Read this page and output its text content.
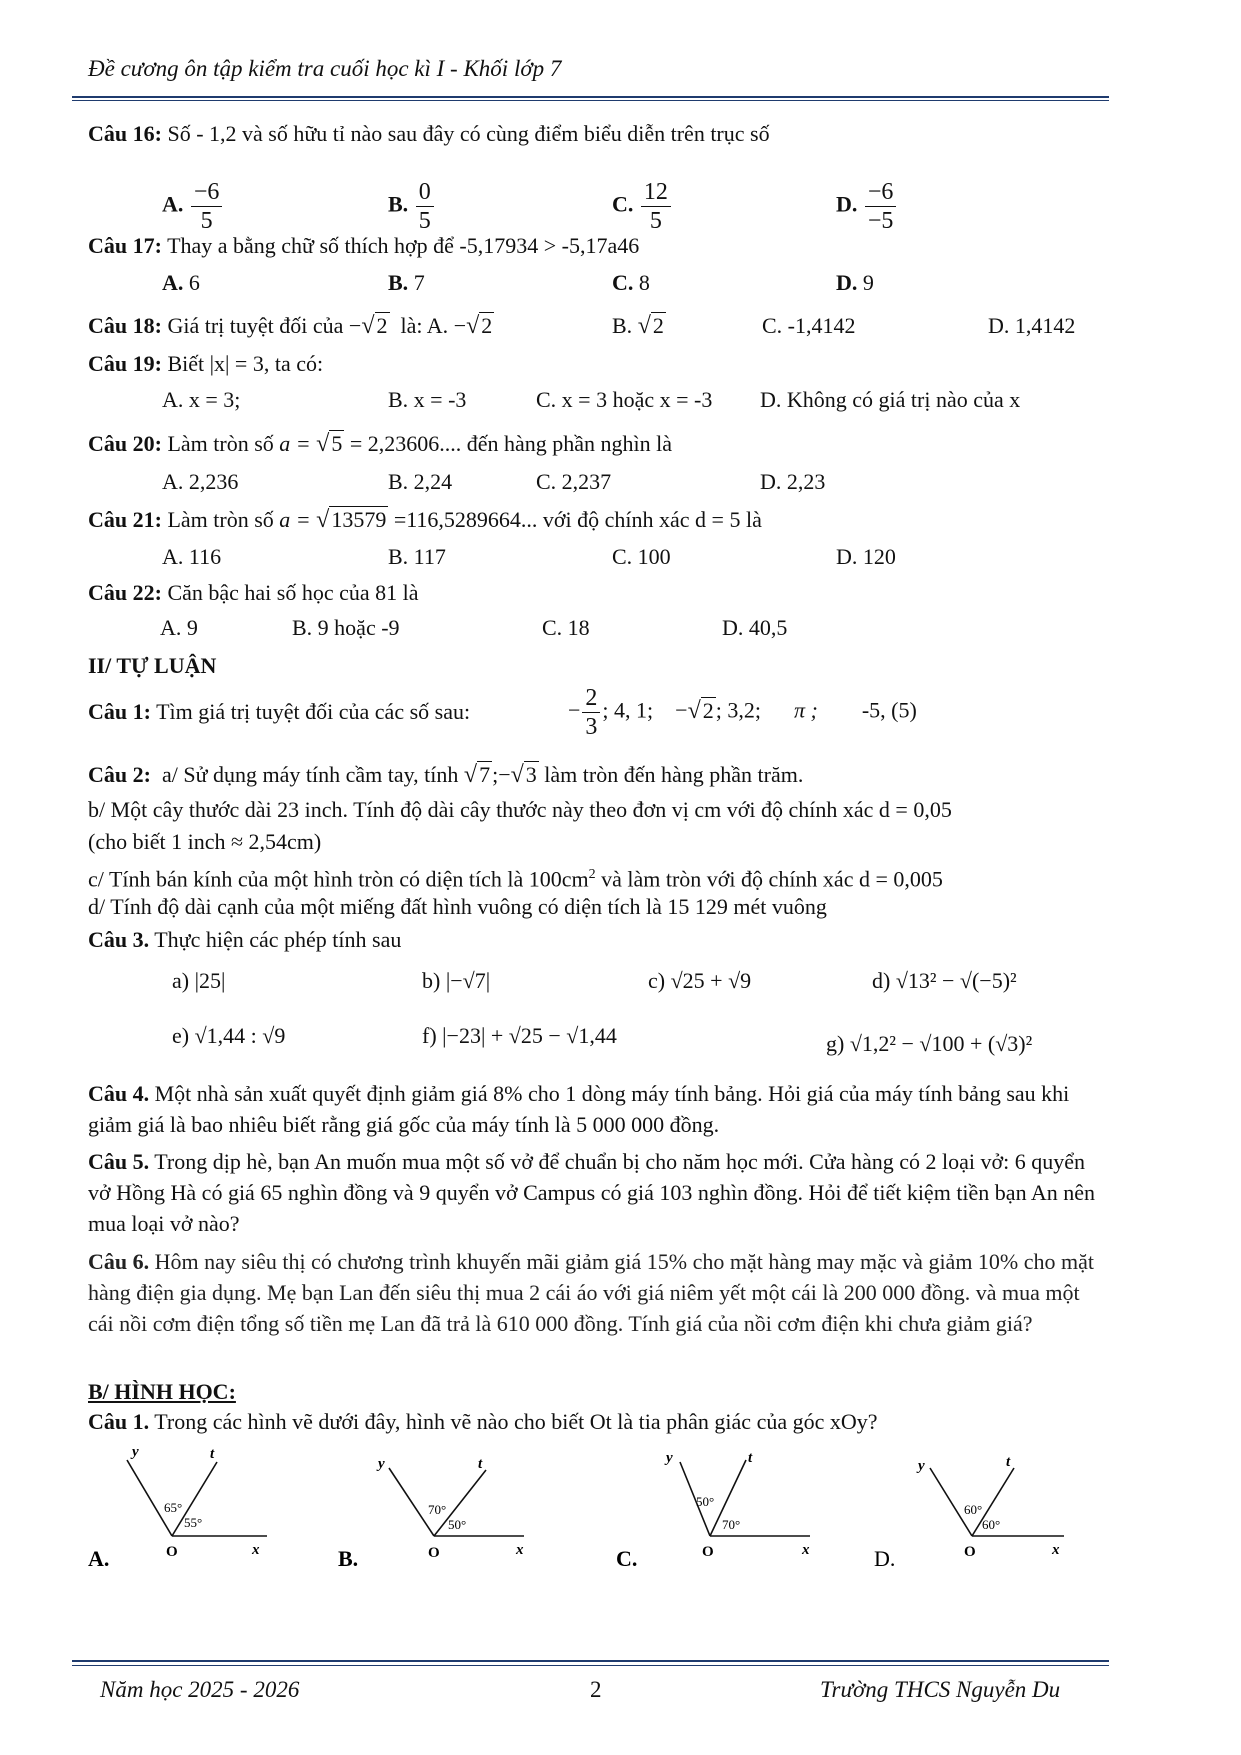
Đề cương ôn tập kiểm tra cuối học kì I - Khối lớp 7
Câu 16: Số - 1,2 và số hữu tỉ nào sau đây có cùng điểm biểu diễn trên trục số
A. $\frac{-6}{5}$	B. $\frac{0}{5}$	C. $\frac{12}{5}$	D. $\frac{-6}{-5}$
Câu 17: Thay a bằng chữ số thích hợp để -5,17934 > -5,17a46
A. 6	B. 7	C. 8	D. 9
Câu 18: Giá trị tuyệt đối của −√2 là: A. −√2	B. √2	C. -1,4142	D. 1,4142
Câu 19: Biết |x| = 3, ta có:
A. x = 3;	B. x = -3	C. x = 3 hoặc x = -3 D. Không có giá trị nào của x
Câu 20: Làm tròn số a = √5 = 2,23606.... đến hàng phần nghìn là
A. 2,236	B. 2,24	C. 2,237	D. 2,23
Câu 21: Làm tròn số a = √13579 =116,5289664... với độ chính xác d = 5 là
A. 116	B. 117	C. 100	D. 120
Câu 22: Căn bậc hai số học của 81 là
A. 9	B. 9 hoặc -9	C. 18	D. 40,5
II/ TỰ LUẬN
Câu 1: Tìm giá trị tuyệt đối của các số sau:	− $\frac{2}{3}$ ; 4, 1; −√2; 3,2; π ; -5, (5)
Câu 2: a/ Sử dụng máy tính cầm tay, tính √7;−√3 làm tròn đến hàng phần trăm.
b/ Một cây thước dài 23 inch. Tính độ dài cây thước này theo đơn vị cm với độ chính xác d = 0,05
(cho biết 1 inch ≈ 2,54cm)
c/ Tính bán kính của một hình tròn có diện tích là $100cm^2$ và làm tròn với độ chính xác d = 0,005
d/ Tính độ dài cạnh của một miếng đất hình vuông có diện tích là 15 129 mét vuông
Câu 3. Thực hiện các phép tính sau
a) |25|	b) |−√7|	c) √25 + √9	d) √13² − √(−5)²
e) √1,44 : √9	f) |−23| + √25 − √1,44	g) √1,2² − √100 + (√3)²
Câu 4. Một nhà sản xuất quyết định giảm giá 8% cho 1 dòng máy tính bảng. Hỏi giá của máy tính bảng sau khi giảm giá là bao nhiêu biết rằng giá gốc của máy tính là 5 000 000 đồng.
Câu 5. Trong dịp hè, bạn An muốn mua một số vở để chuẩn bị cho năm học mới. Cửa hàng có 2 loại vở: 6 quyển vở Hồng Hà có giá 65 nghìn đồng và 9 quyển vở Campus có giá 103 nghìn đồng. Hỏi để tiết kiệm tiền bạn An nên mua loại vở nào?
Câu 6. Hôm nay siêu thị có chương trình khuyến mãi giảm giá 15% cho mặt hàng may mặc và giảm 10% cho mặt hàng điện gia dụng. Mẹ bạn Lan đến siêu thị mua 2 cái áo với giá niêm yết một cái là 200 000 đồng. và mua một cái nồi cơm điện tổng số tiền mẹ Lan đã trả là 610 000 đồng. Tính giá của nồi cơm điện khi chưa giảm giá?
B/ HÌNH HỌC:
Câu 1. Trong các hình vẽ dưới đây, hình vẽ nào cho biết Ot là tia phân giác của góc xOy?
y	t
65°
55°
O	x
A.
y	t
70°
50°
O	x
B.
y	t
50°
70°
O	x
C.
y	t
60°
60°
O	x
D.
Năm học 2025 - 2026	2	Trường THCS Nguyễn Du
